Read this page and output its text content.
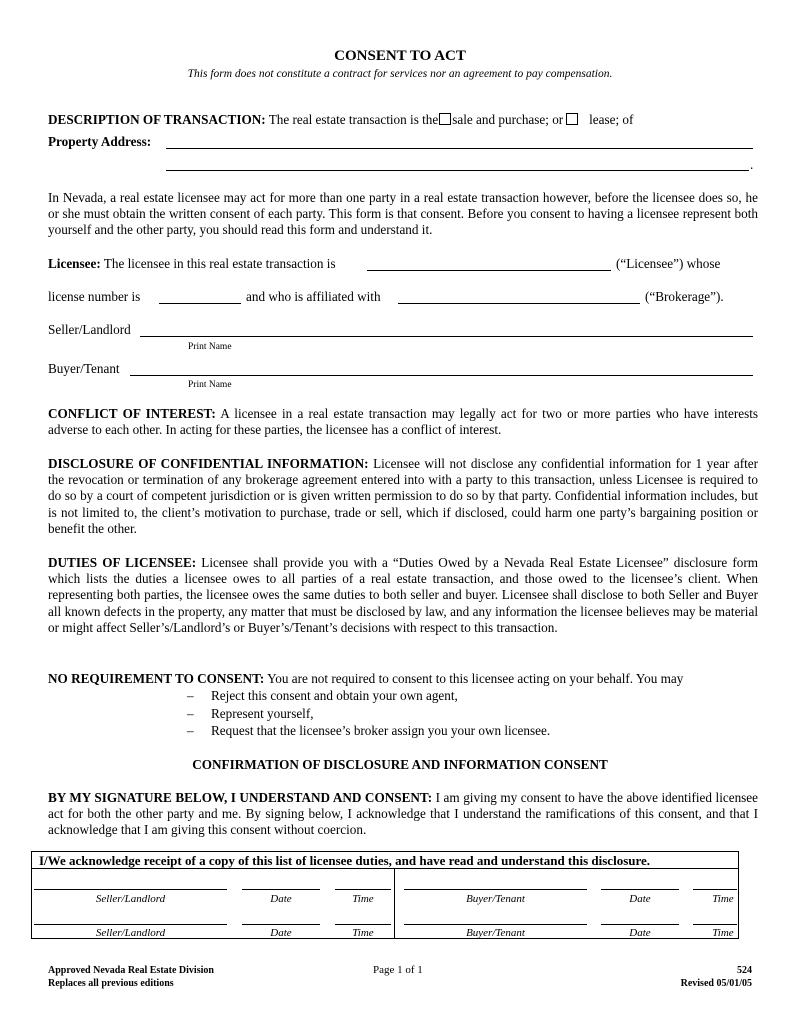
CONSENT TO ACT
This form does not constitute a contract for services nor an agreement to pay compensation.
DESCRIPTION OF TRANSACTION: The real estate transaction is the sale and purchase; or lease; of
Property Address:
.
In Nevada, a real estate licensee may act for more than one party in a real estate transaction however, before the licensee does so, he or she must obtain the written consent of each party. This form is that consent. Before you consent to having a licensee represent both yourself and the other party, you should read this form and understand it.
Licensee: The licensee in this real estate transaction is	(“Licensee”) whose
license number is	and who is affiliated with	(“Brokerage”).
Seller/Landlord
Print Name
Buyer/Tenant
Print Name
CONFLICT OF INTEREST: A licensee in a real estate transaction may legally act for two or more parties who have interests adverse to each other. In acting for these parties, the licensee has a conflict of interest.
DISCLOSURE OF CONFIDENTIAL INFORMATION: Licensee will not disclose any confidential information for 1 year after the revocation or termination of any brokerage agreement entered into with a party to this transaction, unless Licensee is required to do so by a court of competent jurisdiction or is given written permission to do so by that party. Confidential information includes, but is not limited to, the client’s motivation to purchase, trade or sell, which if disclosed, could harm one party’s bargaining position or benefit the other.
DUTIES OF LICENSEE: Licensee shall provide you with a “Duties Owed by a Nevada Real Estate Licensee” disclosure form which lists the duties a licensee owes to all parties of a real estate transaction, and those owed to the licensee’s client. When representing both parties, the licensee owes the same duties to both seller and buyer. Licensee shall disclose to both Seller and Buyer all known defects in the property, any matter that must be disclosed by law, and any information the licensee believes may be material or might affect Seller’s/Landlord’s or Buyer’s/Tenant’s decisions with respect to this transaction.
NO REQUIREMENT TO CONSENT: You are not required to consent to this licensee acting on your behalf. You may
– Reject this consent and obtain your own agent,
– Represent yourself,
– Request that the licensee’s broker assign you your own licensee.
CONFIRMATION OF DISCLOSURE AND INFORMATION CONSENT
BY MY SIGNATURE BELOW, I UNDERSTAND AND CONSENT: I am giving my consent to have the above identified licensee act for both the other party and me. By signing below, I acknowledge that I understand the ramifications of this consent, and that I acknowledge that I am giving this consent without coercion.
I/We acknowledge receipt of a copy of this list of licensee duties, and have read and understand this disclosure.
Seller/Landlord	Date	Time	Buyer/Tenant	Date	Time
Seller/Landlord	Date	Time	Buyer/Tenant	Date	Time
Approved Nevada Real Estate Division
Replaces all previous editions
Page 1 of 1	524
Revised 05/01/05
